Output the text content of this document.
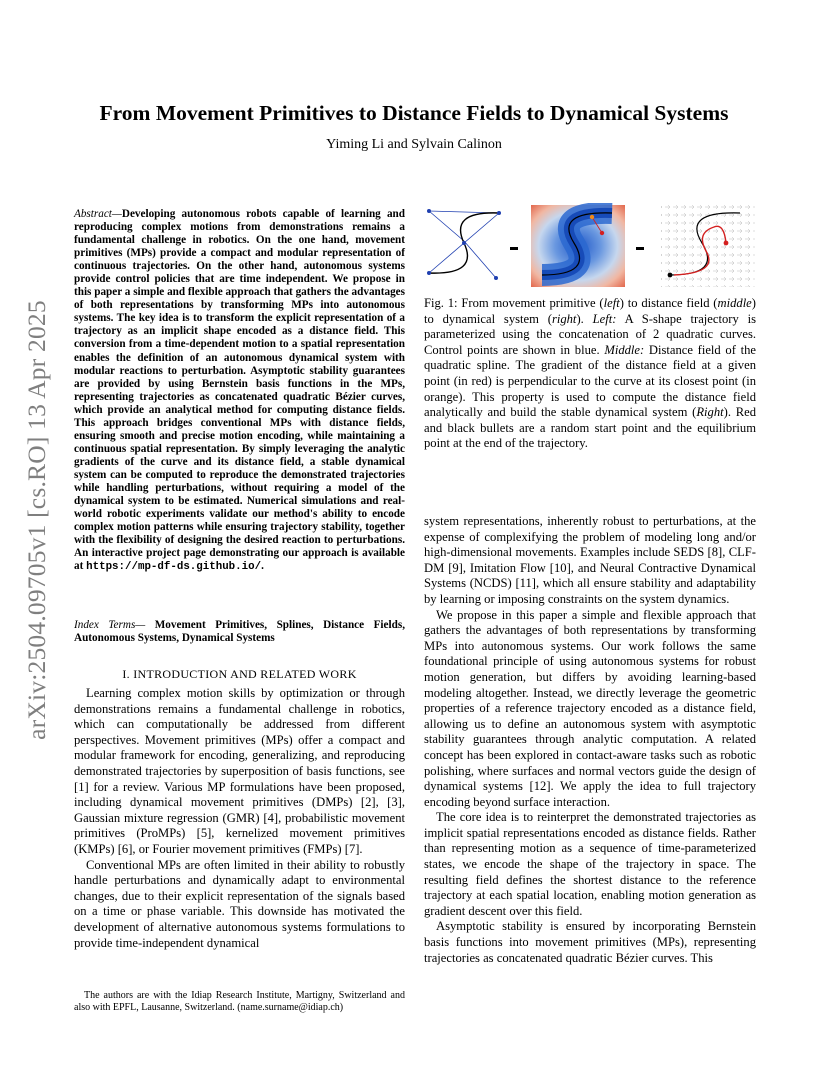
arXiv:2504.09705v1 [cs.RO] 13 Apr 2025
From Movement Primitives to Distance Fields to Dynamical Systems
Yiming Li and Sylvain Calinon
Abstract—Developing autonomous robots capable of learning and reproducing complex motions from demonstrations remains a fundamental challenge in robotics. On the one hand, movement primitives (MPs) provide a compact and modular representation of continuous trajectories. On the other hand, autonomous systems provide control policies that are time independent. We propose in this paper a simple and flexible approach that gathers the advantages of both representations by transforming MPs into autonomous systems. The key idea is to transform the explicit representation of a trajectory as an implicit shape encoded as a distance field. This conversion from a time-dependent motion to a spatial representation enables the definition of an autonomous dynamical system with modular reactions to perturbation. Asymptotic stability guarantees are provided by using Bernstein basis functions in the MPs, representing trajectories as concatenated quadratic Bézier curves, which provide an analytical method for computing distance fields. This approach bridges conventional MPs with distance fields, ensuring smooth and precise motion encoding, while maintaining a continuous spatial representation. By simply leveraging the analytic gradients of the curve and its distance field, a stable dynamical system can be computed to reproduce the demonstrated trajectories while handling perturbations, without requiring a model of the dynamical system to be estimated. Numerical simulations and real-world robotic experiments validate our method's ability to encode complex motion patterns while ensuring trajectory stability, together with the flexibility of designing the desired reaction to perturbations. An interactive project page demonstrating our approach is available at https://mp-df-ds.github.io/.
Index Terms— Movement Primitives, Splines, Distance Fields, Autonomous Systems, Dynamical Systems
I. INTRODUCTION AND RELATED WORK

Learning complex motion skills by optimization or through demonstrations remains a fundamental challenge in robotics, which can computationally be addressed from different perspectives. Movement primitives (MPs) offer a compact and modular framework for encoding, generalizing, and reproducing demonstrated trajectories by superposition of basis functions, see [1] for a review. Various MP formulations have been proposed, including dynamical movement primitives (DMPs) [2], [3], Gaussian mixture regression (GMR) [4], probabilistic movement primitives (ProMPs) [5], kernelized movement primitives (KMPs) [6], or Fourier movement primitives (FMPs) [7].

Conventional MPs are often limited in their ability to robustly handle perturbations and dynamically adapt to environmental changes, due to their explicit representation of the signals based on a time or phase variable. This downside has motivated the development of alternative autonomous systems formulations to provide time-independent dynamical

The authors are with the Idiap Research Institute, Martigny, Switzerland and also with EPFL, Lausanne, Switzerland. (name.surname@idiap.ch)

Fig. 1: From movement primitive (left) to distance field (middle) to dynamical system (right). Left: A S-shape trajectory is parameterized using the concatenation of 2 quadratic curves. Control points are shown in blue. Middle: Distance field of the quadratic spline. The gradient of the distance field at a given point (in red) is perpendicular to the curve at its closest point (in orange). This property is used to compute the distance field analytically and build the stable dynamical system (Right). Red and black bullets are a random start point and the equilibrium point at the end of the trajectory.

system representations, inherently robust to perturbations, at the expense of complexifying the problem of modeling long and/or high-dimensional movements. Examples include SEDS [8], CLF-DM [9], Imitation Flow [10], and Neural Contractive Dynamical Systems (NCDS) [11], which all ensure stability and adaptability by learning or imposing constraints on the system dynamics.

We propose in this paper a simple and flexible approach that gathers the advantages of both representations by transforming MPs into autonomous systems. Our work follows the same foundational principle of using autonomous systems for robust motion generation, but differs by avoiding learning-based modeling altogether. Instead, we directly leverage the geometric properties of a reference trajectory encoded as a distance field, allowing us to define an autonomous system with asymptotic stability guarantees through analytic computation. A related concept has been explored in contact-aware tasks such as robotic polishing, where surfaces and normal vectors guide the design of dynamical systems [12]. We apply the idea to full trajectory encoding beyond surface interaction.

The core idea is to reinterpret the demonstrated trajectories as implicit spatial representations encoded as distance fields. Rather than representing motion as a sequence of time-parameterized states, we encode the shape of the trajectory in space. The resulting field defines the shortest distance to the reference trajectory at each spatial location, enabling motion generation as gradient descent over this field.

Asymptotic stability is ensured by incorporating Bernstein basis functions into movement primitives (MPs), representing trajectories as concatenated quadratic Bézier curves. This
